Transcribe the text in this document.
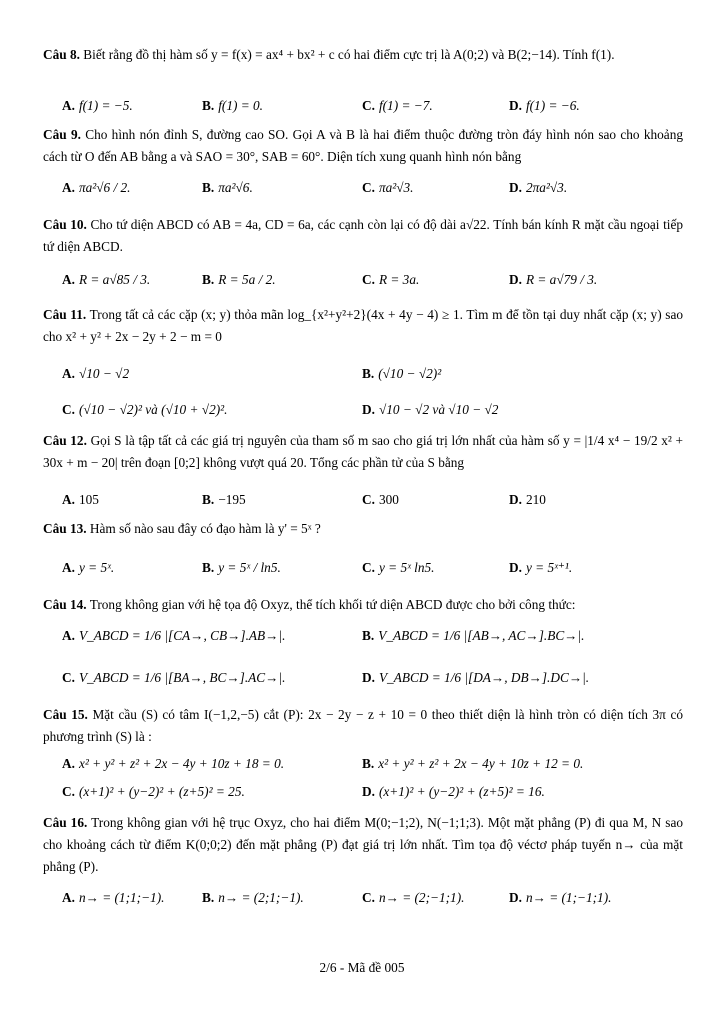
Câu 8. Biết rằng đồ thị hàm số y = f(x) = ax⁴ + bx² + c có hai điểm cực trị là A(0;2) và B(2;−14). Tính f(1).
A. f(1) = −5.	B. f(1) = 0.	C. f(1) = −7.	D. f(1) = −6.
Câu 9. Cho hình nón đỉnh S, đường cao SO. Gọi A và B là hai điểm thuộc đường tròn đáy hình nón sao cho khoảng cách từ O đến AB bằng a và SAO = 30°, SAB = 60°. Diện tích xung quanh hình nón bằng
A. πa²√6 / 2.	B. πa²√6.	C. πa²√3.	D. 2πa²√3.
Câu 10. Cho tứ diện ABCD có AB = 4a, CD = 6a, các cạnh còn lại có độ dài a√22. Tính bán kính R mặt cầu ngoại tiếp tứ diện ABCD.
A. R = a√85 / 3.	B. R = 5a / 2.	C. R = 3a.	D. R = a√79 / 3.
Câu 11. Trong tất cả các cặp (x; y) thỏa mãn log_{x²+y²+2}(4x + 4y − 4) ≥ 1. Tìm m để tồn tại duy nhất cặp (x; y) sao cho x² + y² + 2x − 2y + 2 − m = 0
A. √10 − √2	B. (√10 − √2)²
C. (√10 − √2)² và (√10 + √2)².	D. √10 − √2 và √10 − √2
Câu 12. Gọi S là tập tất cả các giá trị nguyên của tham số m sao cho giá trị lớn nhất của hàm số y = |1/4 x⁴ − 19/2 x² + 30x + m − 20| trên đoạn [0;2] không vượt quá 20. Tổng các phần tử của S bằng
A. 105	B. −195	C. 300	D. 210
Câu 13. Hàm số nào sau đây có đạo hàm là y' = 5ˣ ?
A. y = 5ˣ.	B. y = 5ˣ / ln5.	C. y = 5ˣ ln5.	D. y = 5ˣ⁺¹.
Câu 14. Trong không gian với hệ tọa độ Oxyz, thể tích khối tứ diện ABCD được cho bởi công thức:
A. V_ABCD = 1/6 |[CA→, CB→].AB→|.	B. V_ABCD = 1/6 |[AB→, AC→].BC→|.
C. V_ABCD = 1/6 |[BA→, BC→].AC→|.	D. V_ABCD = 1/6 |[DA→, DB→].DC→|.
Câu 15. Mặt cầu (S) có tâm I(−1,2,−5) cắt (P): 2x − 2y − z + 10 = 0 theo thiết diện là hình tròn có diện tích 3π có phương trình (S) là :
A. x² + y² + z² + 2x − 4y + 10z + 18 = 0.	B. x² + y² + z² + 2x − 4y + 10z + 12 = 0.
C. (x+1)² + (y−2)² + (z+5)² = 25.	D. (x+1)² + (y−2)² + (z+5)² = 16.
Câu 16. Trong không gian với hệ trục Oxyz, cho hai điểm M(0;−1;2), N(−1;1;3). Một mặt phẳng (P) đi qua M, N sao cho khoảng cách từ điểm K(0;0;2) đến mặt phẳng (P) đạt giá trị lớn nhất. Tìm tọa độ véctơ pháp tuyến n→ của mặt phẳng (P).
A. n→ = (1;1;−1).	B. n→ = (2;1;−1).	C. n→ = (2;−1;1).	D. n→ = (1;−1;1).
2/6 - Mã đề 005
